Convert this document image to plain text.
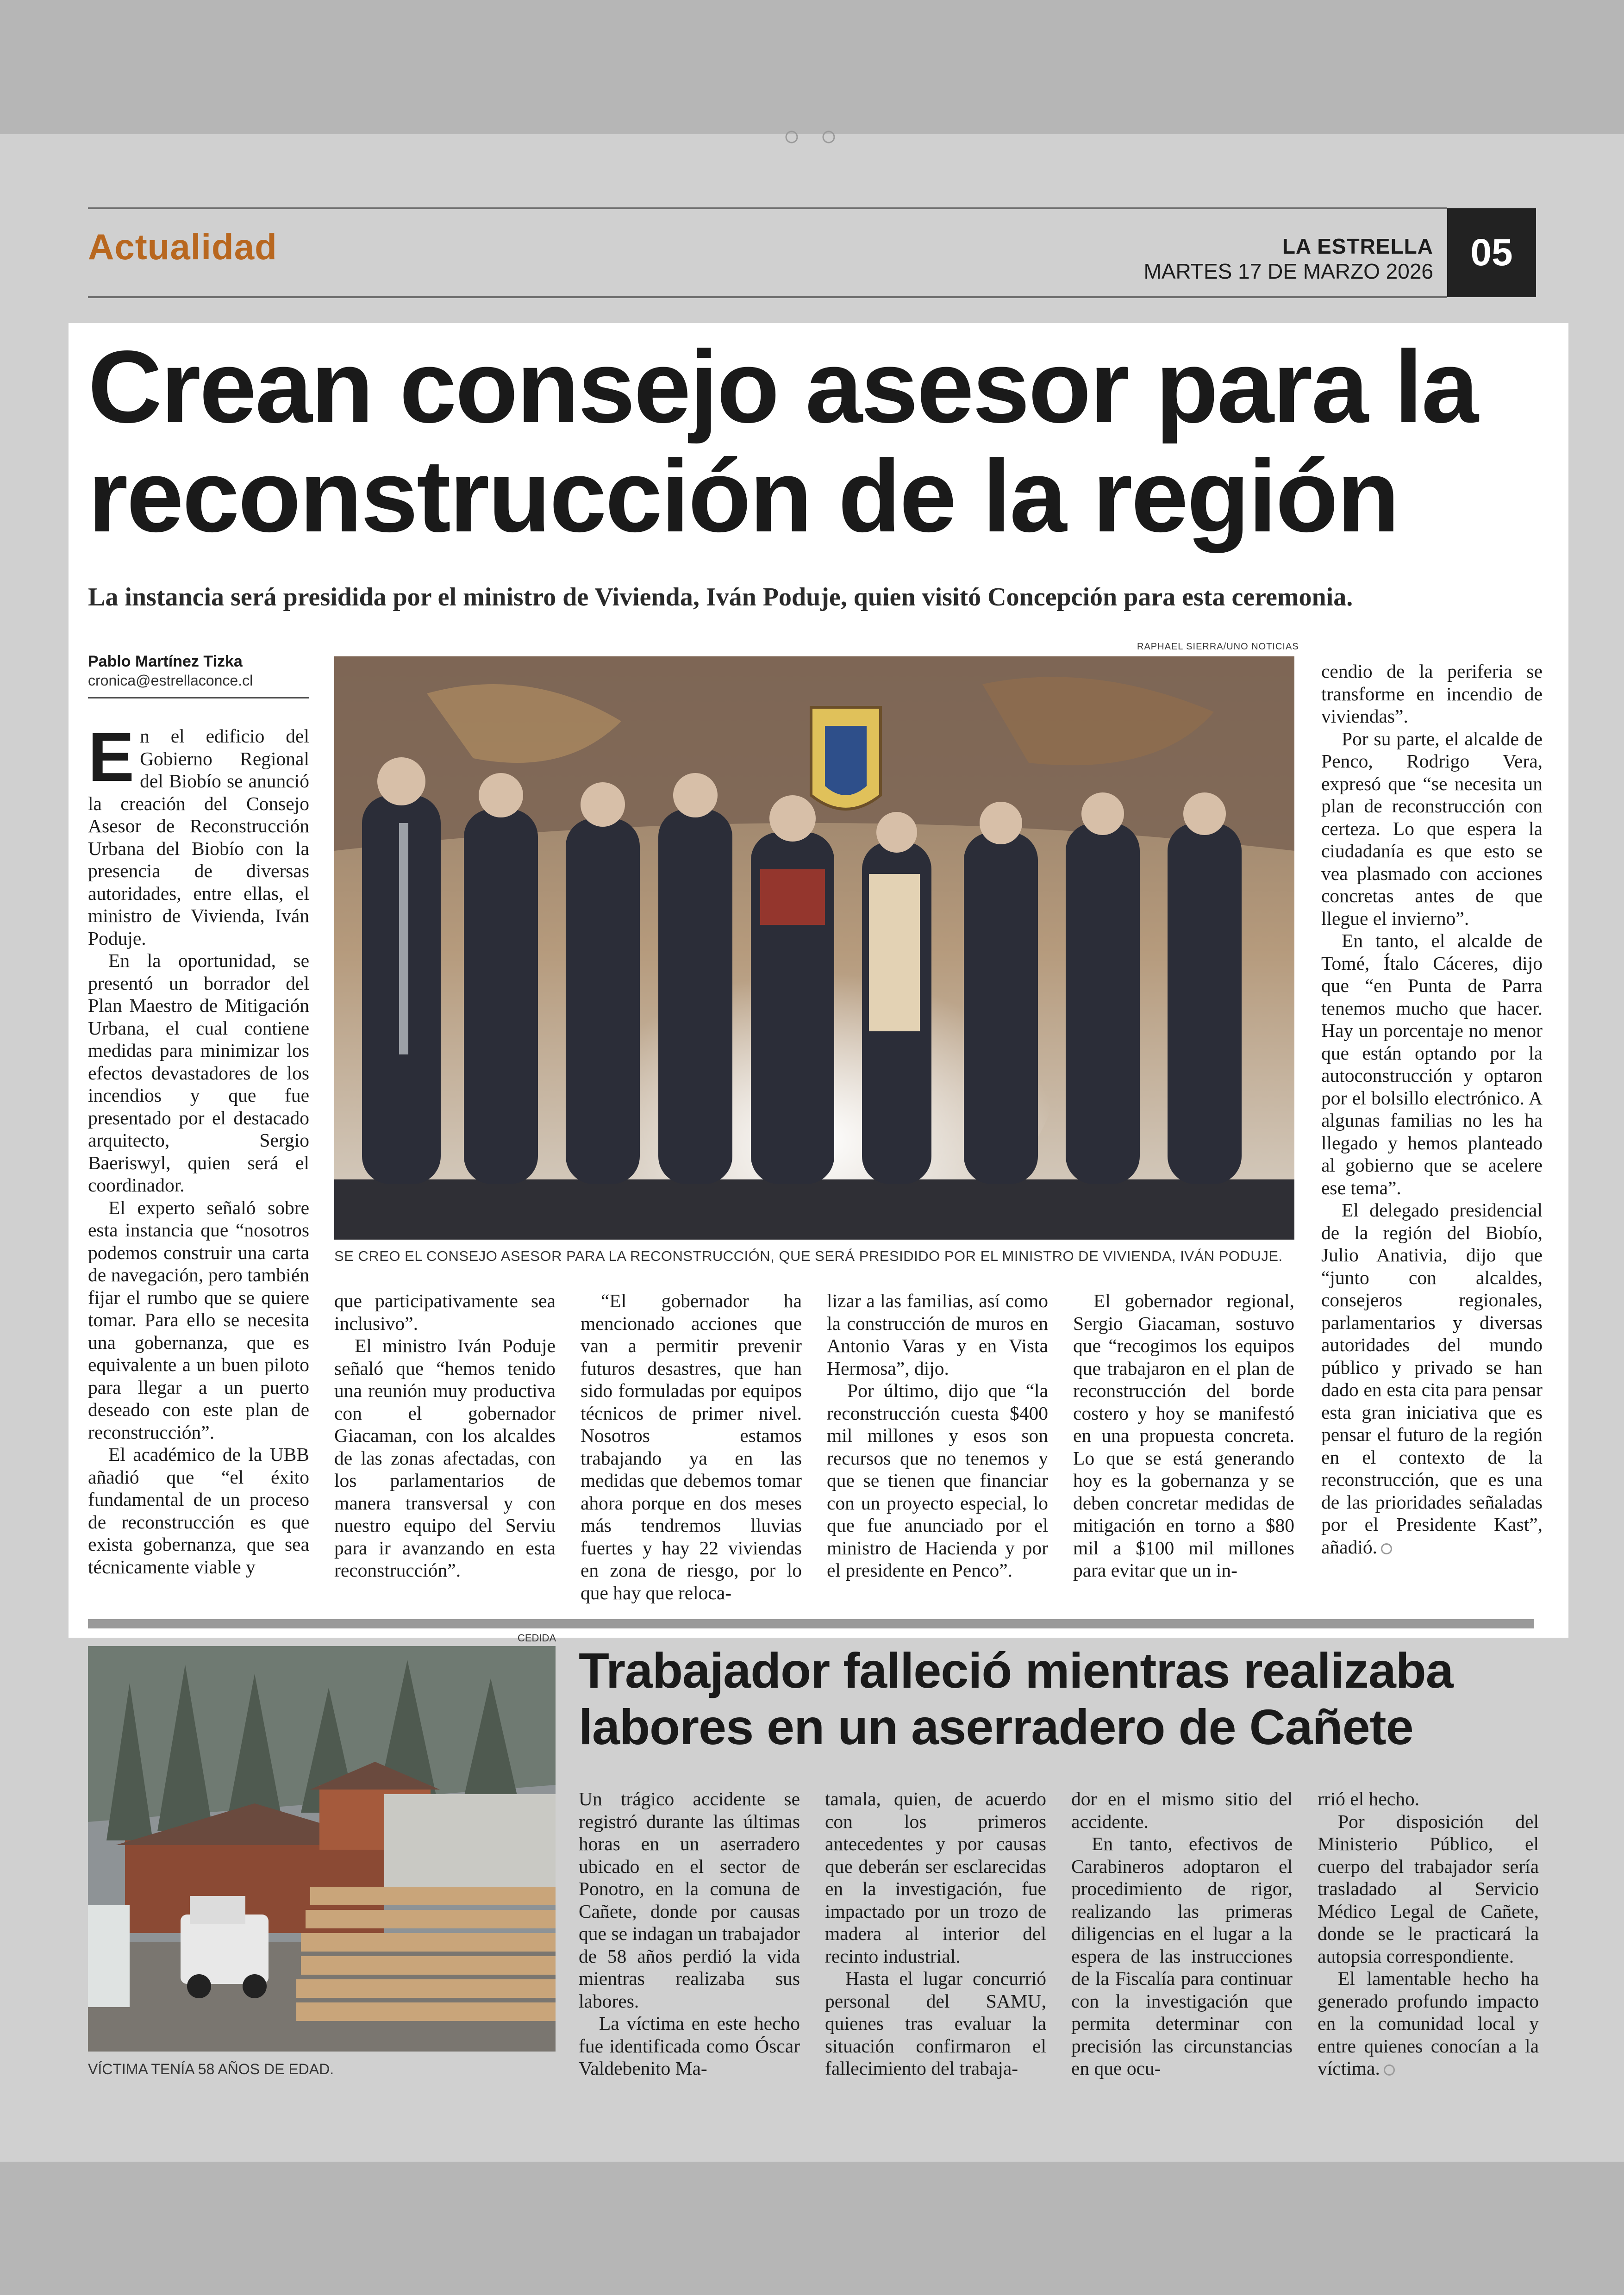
Actualidad	LA ESTRELLA
MARTES 17 DE MARZO 2026 05
Crean consejo asesor para la reconstrucción de la región
La instancia será presidida por el ministro de Vivienda, Iván Poduje, quien visitó Concepción para esta ceremonia.
Pablo Martínez Tizka
cronica@estrellaconce.cl

En el edificio del Gobierno Regional del Biobío se anunció la creación del Consejo Asesor de Reconstrucción Urbana del Biobío con la presencia de diversas autoridades, entre ellas, el ministro de Vivienda, Iván Poduje.

En la oportunidad, se presentó un borrador del Plan Maestro de Mitigación Urbana, el cual contiene medidas para minimizar los efectos devastadores de los incendios y que fue presentado por el destacado arquitecto, Sergio Baeriswyl, quien será el coordinador.

El experto señaló sobre esta instancia que “nosotros podemos construir una carta de navegación, pero también fijar el rumbo que se quiere tomar. Para ello se necesita una gobernanza, que es equivalente a un buen piloto para llegar a un puerto deseado con este plan de reconstrucción”.

El académico de la UBB añadió que “el éxito fundamental de un proceso de reconstrucción es que exista gobernanza, que sea técnicamente viable y

RAPHAEL SIERRA/UNO NOTICIAS

cendio de la periferia se transforme en incendio de viviendas”.

Por su parte, el alcalde de Penco, Rodrigo Vera, expresó que “se necesita un plan de reconstrucción con certeza. Lo que espera la ciudadanía es que esto se vea plasmado con acciones concretas antes de que llegue el invierno”.

En tanto, el alcalde de Tomé, Ítalo Cáceres, dijo que “en Punta de Parra tenemos mucho que hacer. Hay un porcentaje no menor que están optando por la autoconstrucción y optaron por el bolsillo electrónico. A algunas familias no les ha llegado y hemos planteado al gobierno que se acelere ese tema”.

El delegado presidencial de la región del Biobío, Julio Anativia, dijo que “junto con alcaldes, consejeros regionales, parlamentarios y diversas autoridades del mundo público y privado se han dado en esta cita para pensar esta gran iniciativa que es pensar el futuro de la región en el contexto de la reconstrucción, que es una de las prioridades señaladas por el Presidente Kast”, añadió.

SE CREO EL CONSEJO ASESOR PARA LA RECONSTRUCCIÓN, QUE SERÁ PRESIDIDO POR EL MINISTRO DE VIVIENDA, IVÁN PODUJE.

que participativamente sea inclusivo”.

El ministro Iván Poduje señaló que “hemos tenido una reunión muy productiva con el gobernador Giacaman, con los alcaldes de las zonas afectadas, con los parlamentarios de manera transversal y con nuestro equipo del Serviu para ir avanzando en esta reconstrucción”.

“El gobernador ha mencionado acciones que van a permitir prevenir futuros desastres, que han sido formuladas por equipos técnicos de primer nivel. Nosotros estamos trabajando ya en las medidas que debemos tomar ahora porque en dos meses más tendremos lluvias fuertes y hay 22 viviendas en zona de riesgo, por lo que hay que reloca-

lizar a las familias, así como la construcción de muros en Antonio Varas y en Vista Hermosa”, dijo.

Por último, dijo que “la reconstrucción cuesta $400 mil millones y esos son recursos que no tenemos y que se tienen que financiar con un proyecto especial, lo que fue anunciado por el ministro de Hacienda y por el presidente en Penco”.

El gobernador regional, Sergio Giacaman, sostuvo que “recogimos los equipos que trabajaron en el plan de reconstrucción del borde costero y hoy se manifestó en una propuesta concreta. Lo que se está generando hoy es la gobernanza y se deben concretar medidas de mitigación en torno a $80 mil a $100 mil millones para evitar que un in-

CEDIDA
VÍCTIMA TENÍA 58 AÑOS DE EDAD.
Trabajador falleció mientras realizaba labores en un aserradero de Cañete

Un trágico accidente se registró durante las últimas horas en un aserradero ubicado en el sector de Ponotro, en la comuna de Cañete, donde por causas que se indagan un trabajador de 58 años perdió la vida mientras realizaba sus labores.

La víctima en este hecho fue identificada como Óscar Valdebenito Ma-

tamala, quien, de acuerdo con los primeros antecedentes y por causas que deberán ser esclarecidas en la investigación, fue impactado por un trozo de madera al interior del recinto industrial.

Hasta el lugar concurrió personal del SAMU, quienes tras evaluar la situación confirmaron el fallecimiento del trabaja-

dor en el mismo sitio del accidente.

En tanto, efectivos de Carabineros adoptaron el procedimiento de rigor, realizando las primeras diligencias en el lugar a la espera de las instrucciones de la Fiscalía para continuar con la investigación que permita determinar con precisión las circunstancias en que ocu-

rrió el hecho.

Por disposición del Ministerio Público, el cuerpo del trabajador sería trasladado al Servicio Médico Legal de Cañete, donde se le practicará la autopsia correspondiente.

El lamentable hecho ha generado profundo impacto en la comunidad local y entre quienes conocían a la víctima.
